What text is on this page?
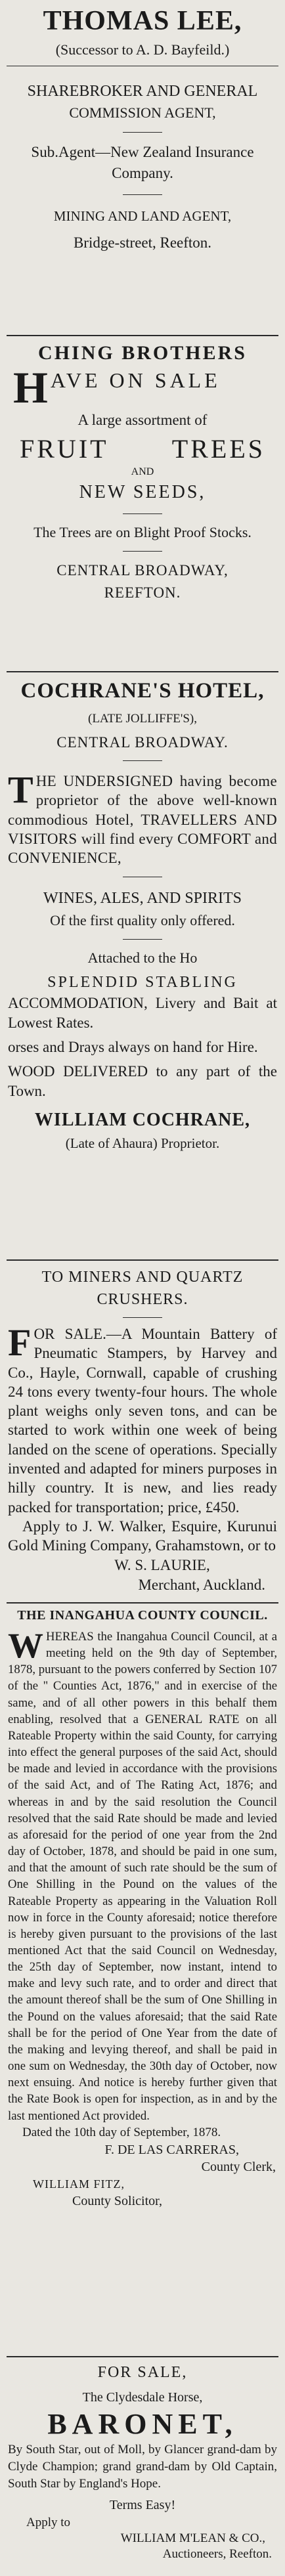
THOMAS LEE,
(Successor to A. D. Bayfeild.)
SHAREBROKER AND GENERAL
COMMISSION AGENT,
Sub.Agent—New Zealand Insurance
Company.
MINING AND LAND AGENT,
Bridge-street, Reefton.
CHING BROTHERS
H AVE ON SALE
A large assortment of
FRUIT TREES
AND
NEW SEEDS,
The Trees are on Blight Proof Stocks.
CENTRAL BROADWAY,
REEFTON.
COCHRANE'S HOTEL,
(LATE JOLLIFFE'S),
CENTRAL BROADWAY.
T HE UNDERSIGNED having become proprietor of the above well-known commodious Hotel, TRAVELLERS AND VISITORS will find every COMFORT and CONVENIENCE,
WINES, ALES, AND SPIRITS
Of the first quality only offered.
Attached to the Ho
SPLENDID STABLING
ACCOMMODATION, Livery and Bait at Lowest Rates.
orses and Drays always on hand for Hire.
WOOD DELIVERED to any part of the Town.
WILLIAM COCHRANE,
(Late of Ahaura) Proprietor.
TO MINERS AND QUARTZ
CRUSHERS.
F OR SALE.—A Mountain Battery of Pneumatic Stampers, by Harvey and Co., Hayle, Cornwall, capable of crushing 24 tons every twenty-four hours. The whole plant weighs only seven tons, and can be started to work within one week of being landed on the scene of operations. Specially invented and adapted for miners purposes in hilly country. It is new, and lies ready packed for transportation; price, £450.
Apply to J. W. Walker, Esquire, Kurunui Gold Mining Company, Grahamstown, or to
W. S. LAURIE,
Merchant, Auckland.
THE INANGAHUA COUNTY COUNCIL.
W HEREAS the Inangahua Council Council, at a meeting held on the 9th day of September, 1878, pursuant to the powers conferred by Section 107 of the " Counties Act, 1876," and in exercise of the same, and of all other powers in this behalf them enabling, resolved that a GENERAL RATE on all Rateable Property within the said County, for carrying into effect the general purposes of the said Act, should be made and levied in accordance with the provisions of the said Act, and of The Rating Act, 1876; and whereas in and by the said resolution the Council resolved that the said Rate should be made and levied as aforesaid for the period of one year from the 2nd day of October, 1878, and should be paid in one sum, and that the amount of such rate should be the sum of One Shilling in the Pound on the values of the Rateable Property as appearing in the Valuation Roll now in force in the County aforesaid; notice therefore is hereby given pursuant to the provisions of the last mentioned Act that the said Council on Wednesday, the 25th day of September, now instant, intend to make and levy such rate, and to order and direct that the amount thereof shall be the sum of One Shilling in the Pound on the values aforesaid; that the said Rate shall be for the period of One Year from the date of the making and levying thereof, and shall be paid in one sum on Wednesday, the 30th day of October, now next ensuing. And notice is hereby further given that the Rate Book is open for inspection, as in and by the last mentioned Act provided.
Dated the 10th day of September, 1878.
F. DE LAS CARRERAS,
County Clerk,
WILLIAM FITZ,
County Solicitor,
FOR SALE,
The Clydesdale Horse,
BARONET,
By South Star, out of Moll, by Glancer grand-dam by Clyde Champion; grand grand-dam by Old Captain, South Star by England's Hope.
Terms Easy!
Apply to
WILLIAM M'LEAN & CO.,
Auctioneers, Reefton.
